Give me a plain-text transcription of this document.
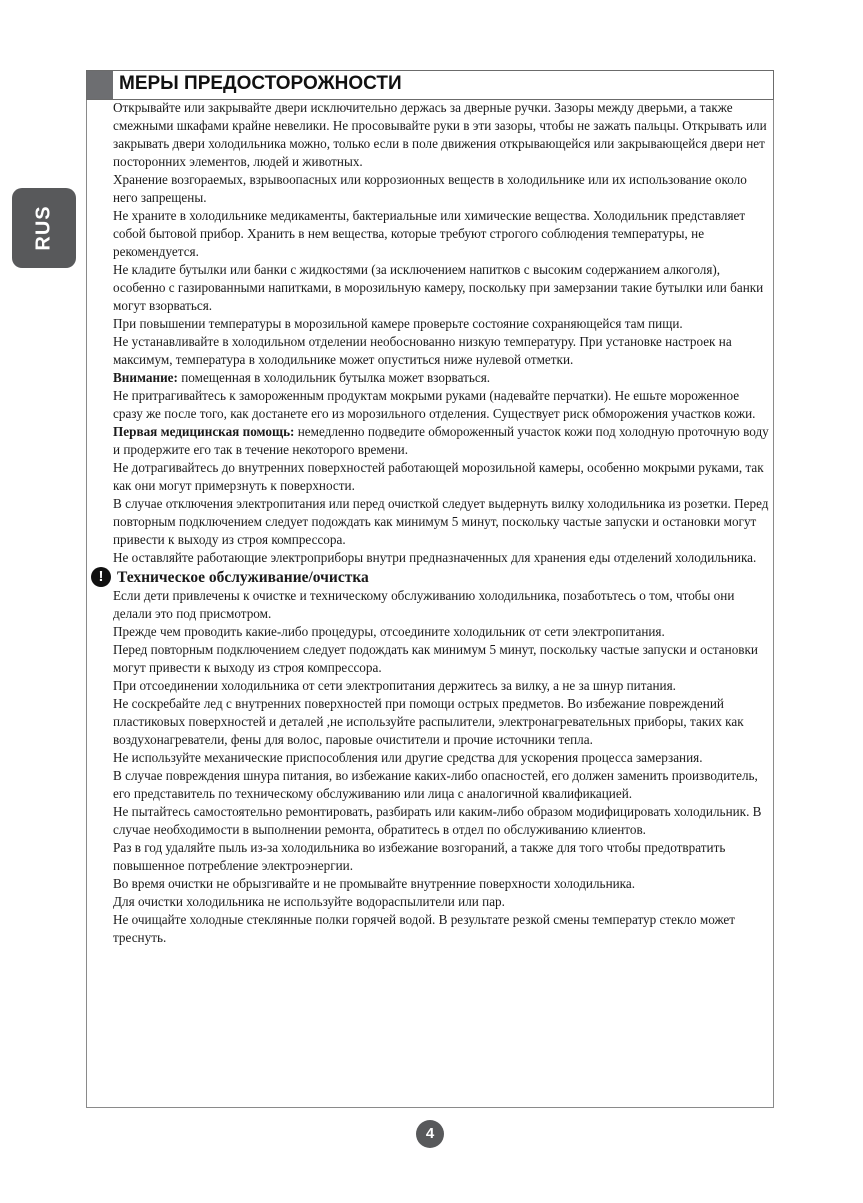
RUS
МЕРЫ ПРЕДОСТОРОЖНОСТИ

Открывайте или закрывайте двери исключительно держась за дверные ручки. Зазоры между дверьми, а также смежными шкафами крайне невелики. Не просовывайте руки в эти зазоры, чтобы не зажать пальцы. Открывать или закрывать двери холодильника можно, только если в поле движения открывающейся или закрывающейся двери нет посторонних элементов, людей и животных.

Хранение возгораемых, взрывоопасных или коррозионных веществ в холодильнике или их использование около него запрещены.

Не храните в холодильнике медикаменты, бактериальные или химические вещества. Холодильник представляет собой бытовой прибор. Хранить в нем вещества, которые требуют строгого соблюдения температуры, не рекомендуется.

Не кладите бутылки или банки с жидкостями (за исключением напитков с высоким содержанием алкоголя), особенно с газированными напитками, в морозильную камеру, поскольку при замерзании такие бутылки или банки могут взорваться.

При повышении температуры в морозильной камере проверьте состояние сохраняющейся там пищи.

Не устанавливайте в холодильном отделении необоснованно низкую температуру. При установке настроек на максимум, температура в холодильнике может опуститься ниже нулевой отметки.

Внимание: помещенная в холодильник бутылка может взорваться.

Не притрагивайтесь к замороженным продуктам мокрыми руками (надевайте перчатки). Не ешьте мороженное сразу же после того, как достанете его из морозильного отделения. Существует риск обморожения участков кожи.

Первая медицинская помощь: немедленно подведите обмороженный участок кожи под холодную проточную воду и продержите его так в течение некоторого времени.

Не дотрагивайтесь до внутренних поверхностей работающей морозильной камеры, особенно мокрыми руками, так как они могут примерзнуть к поверхности.

В случае отключения электропитания или перед очисткой следует выдернуть вилку холодильника из розетки. Перед повторным подключением следует подождать как минимум 5 минут, поскольку частые запуски и остановки могут привести к выходу из строя компрессора.

Не оставляйте работающие электроприборы внутри предназначенных для хранения еды отделений холодильника.

! Техническое обслуживание/очистка

Если дети привлечены к очистке и техническому обслуживанию холодильника, позаботьтесь о том, чтобы они делали это под присмотром.

Прежде чем проводить какие-либо процедуры, отсоедините холодильник от сети электропитания.

Перед повторным подключением следует подождать как минимум 5 минут, поскольку частые запуски и остановки могут привести к выходу из строя компрессора.

При отсоединении холодильника от сети электропитания держитесь за вилку, а не за шнур питания.

Не соскребайте лед с внутренних поверхностей при помощи острых предметов. Во избежание повреждений пластиковых поверхностей и деталей ,не используйте распылители, электронагревательных приборы, таких как воздухонагреватели, фены для волос, паровые очистители и прочие источники тепла.

Не используйте механические приспособления или другие средства для ускорения процесса замерзания.

В случае повреждения шнура питания, во избежание каких-либо опасностей, его должен заменить производитель, его представитель по техническому обслуживанию или лица с аналогичной квалификацией.

Не пытайтесь самостоятельно ремонтировать, разбирать или каким-либо образом модифицировать холодильник. В случае необходимости в выполнении ремонта, обратитесь в отдел по обслуживанию клиентов.

Раз в год удаляйте пыль из-за холодильника во избежание возгораний, а также для того чтобы предотвратить повышенное потребление электроэнергии.

Во время очистки не обрызгивайте и не промывайте внутренние поверхности холодильника.

Для очистки холодильника не используйте водораспылители или пар.

Не очищайте холодные стеклянные полки горячей водой. В результате резкой смены температур стекло может треснуть.

4
